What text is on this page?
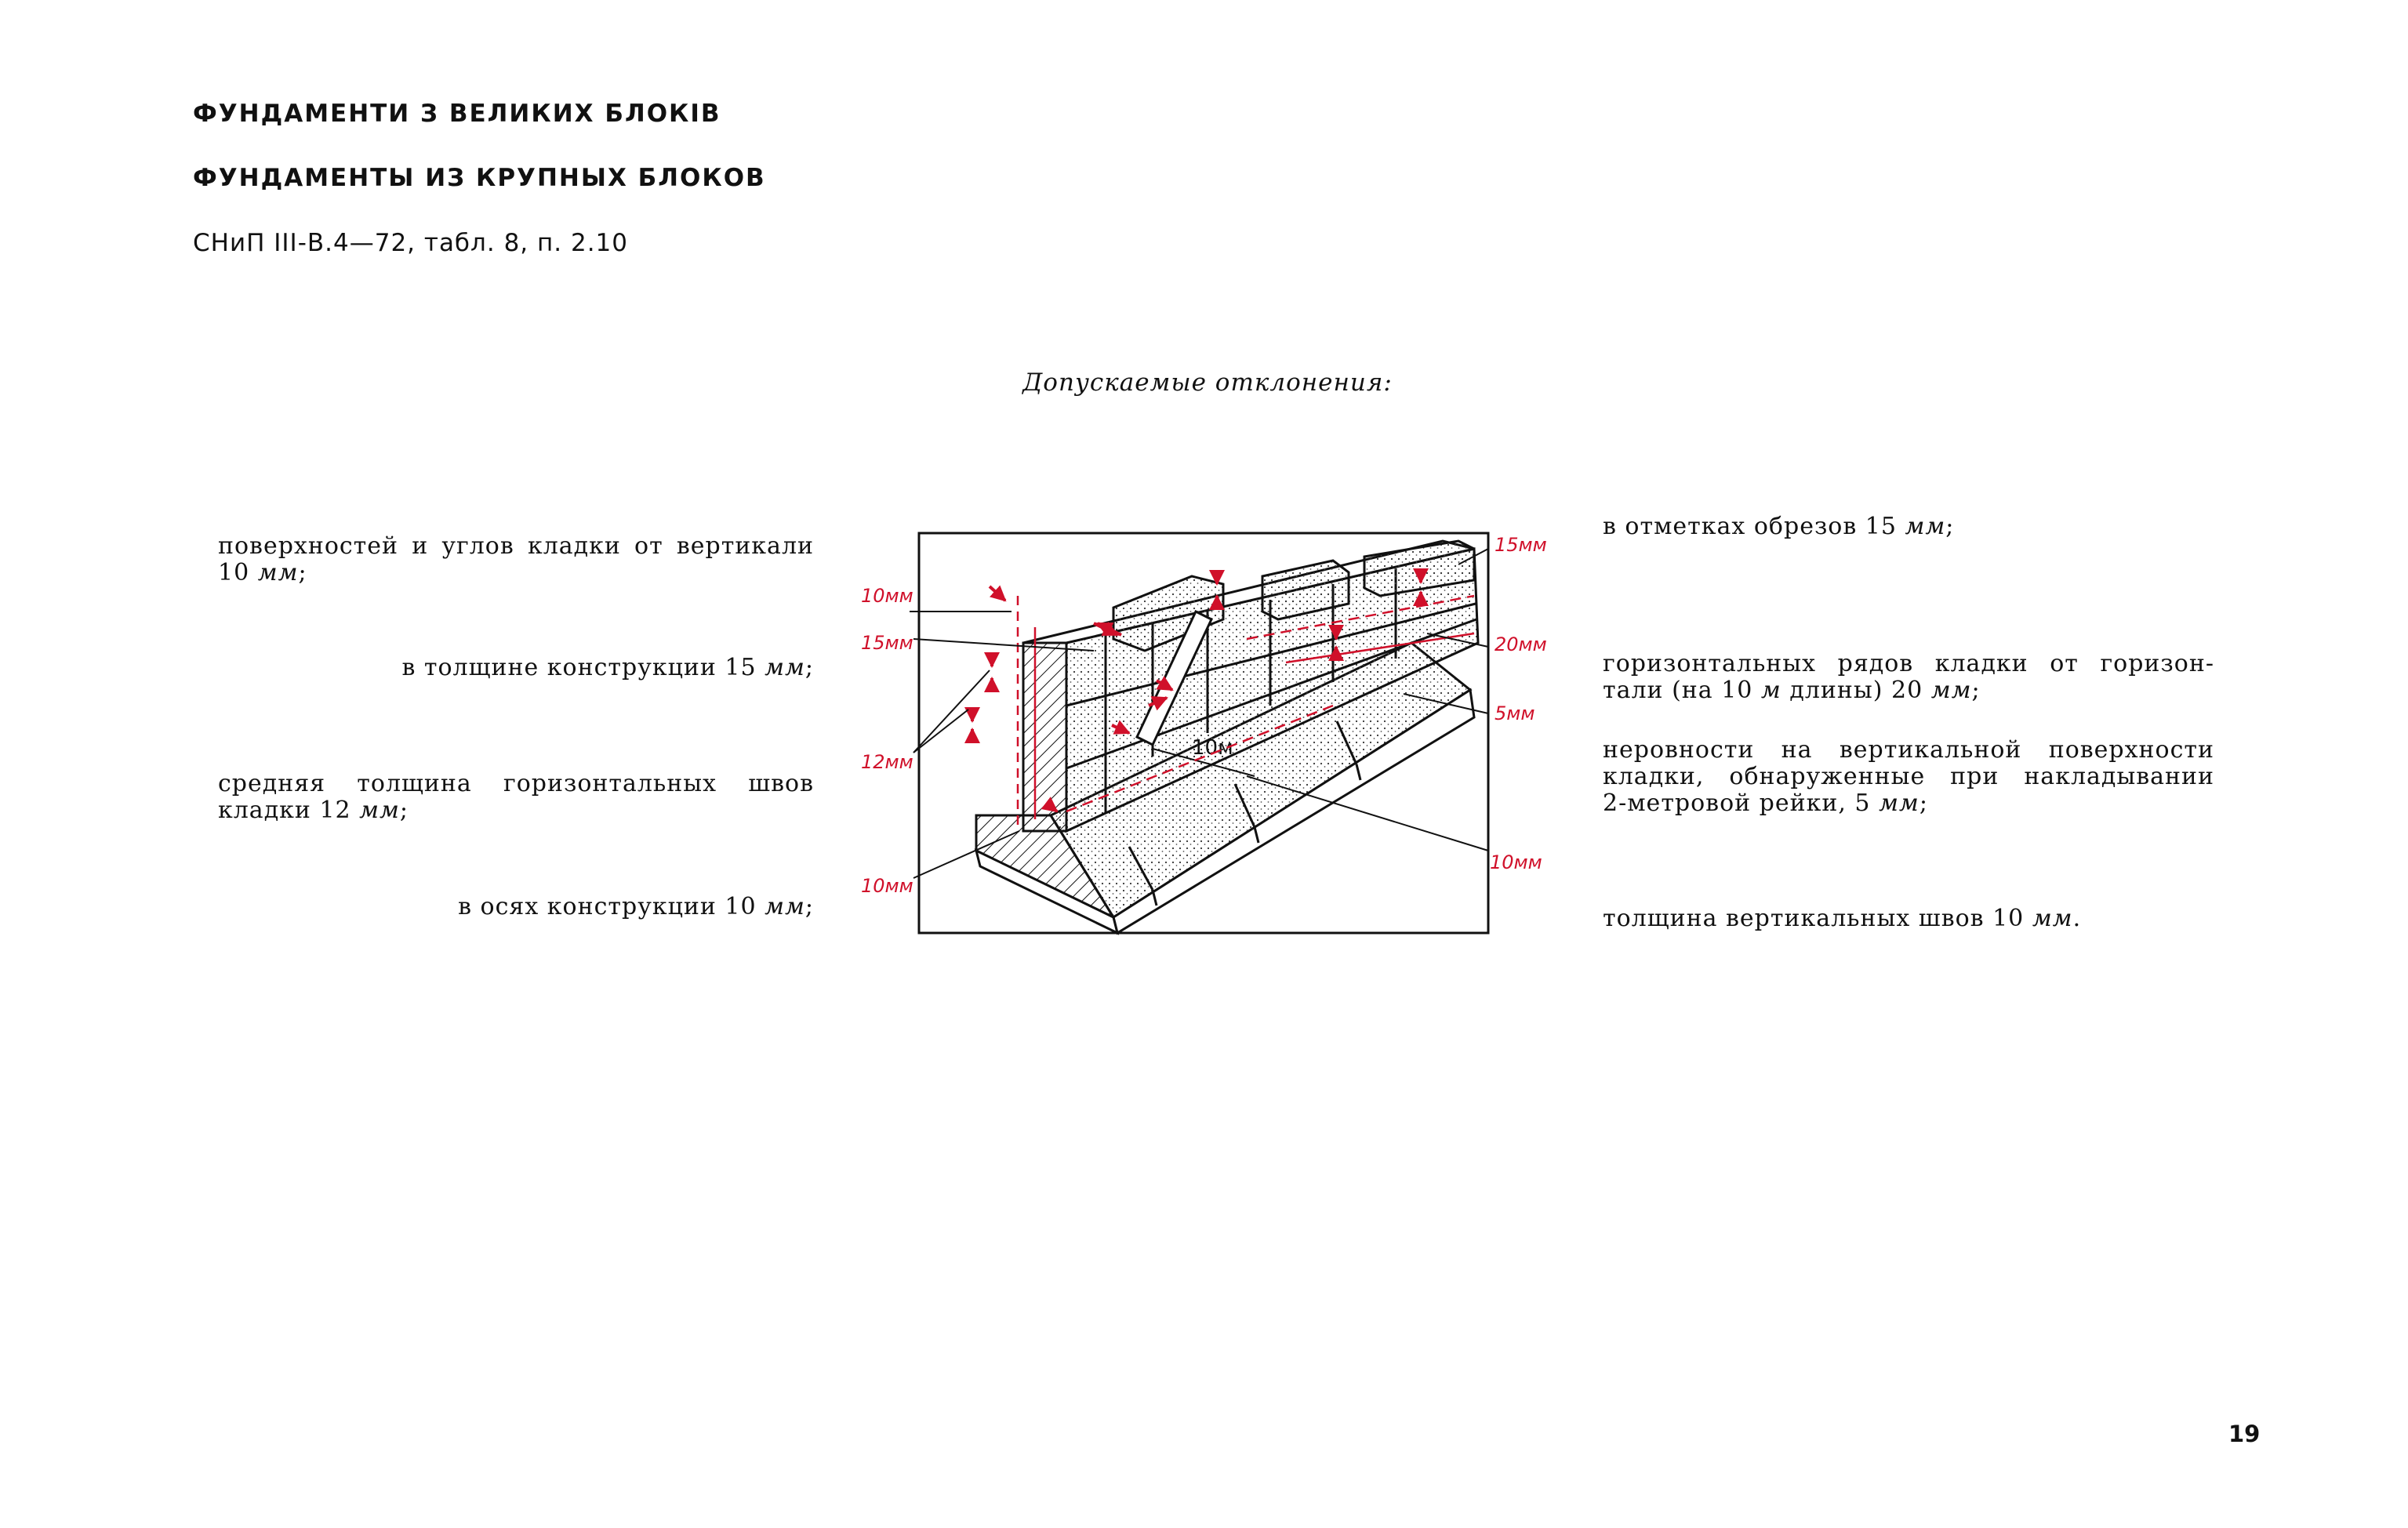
ФУНДАМЕНТИ З ВЕЛИКИХ БЛОКІВ
ФУНДАМЕНТЫ ИЗ КРУПНЫХ БЛОКОВ
СНиП III-В.4—72, табл. 8, п. 2.10
Допускаемые отклонения:
поверхностей и углов кладки от вертикали
10 мм;
в толщине конструкции 15 мм;
средняя толщина горизонтальных швов
кладки 12 мм;
в осях конструкции 10 мм;
в отметках обрезов 15 мм;
горизонтальных рядов кладки от горизон-
тали (на 10 м длины) 20 мм;
неровности на вертикальной поверхности
кладки, обнаруженные при накладывании
2-метровой рейки, 5 мм;
толщина вертикальных швов 10 мм.
10м
10мм
15мм
12мм
10мм
15мм
20мм
5мм
10мм
19
